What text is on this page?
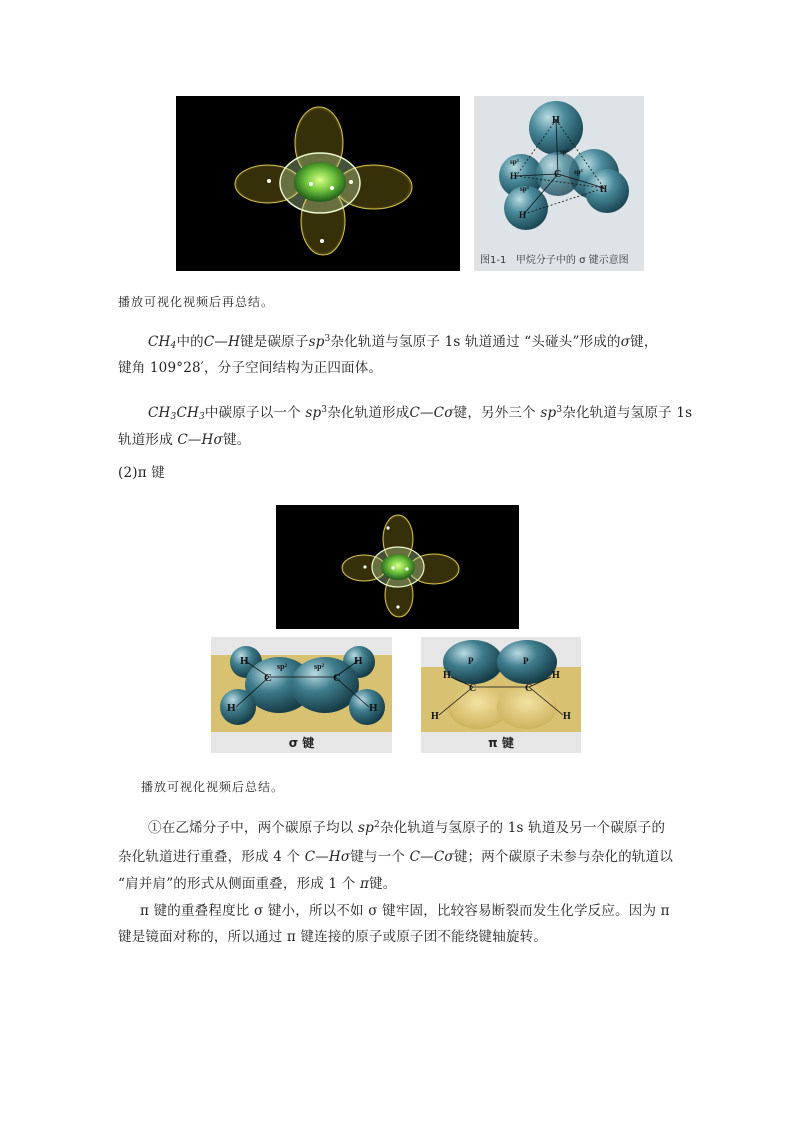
H
C
H
H
H
sp³
sp³
sp³
sp³
图1-1 甲烷分子中的 σ 键示意图
播放可视化视频后再总结。
$CH_4$中的C—H键是碳原子$sp^3$杂化轨道与氢原子 1s 轨道通过 “头碰头”形成的σ键，
键角 109°28′，分子空间结构为正四面体。
$CH_3CH_3$中碳原子以一个 $sp^3$杂化轨道形成C—Cσ键，另外三个 $sp^3$杂化轨道与氢原子 1s
轨道形成 C—Hσ键。
(2)π 键
H	H
C	C
sp²	sp²
H	H
σ 键
P	P
H	H
C	C
H	H
π 键
播放可视化视频后总结。
①在乙烯分子中，两个碳原子均以 $sp^2$杂化轨道与氢原子的 1s 轨道及另一个碳原子的
杂化轨道进行重叠，形成 4 个 C—Hσ键与一个 C—Cσ键；两个碳原子未参与杂化的轨道以
“肩并肩”的形式从侧面重叠，形成 1 个 π键。
π 键的重叠程度比 σ 键小，所以不如 σ 键牢固，比较容易断裂而发生化学反应。因为 π
键是镜面对称的，所以通过 π 键连接的原子或原子团不能绕键轴旋转。
